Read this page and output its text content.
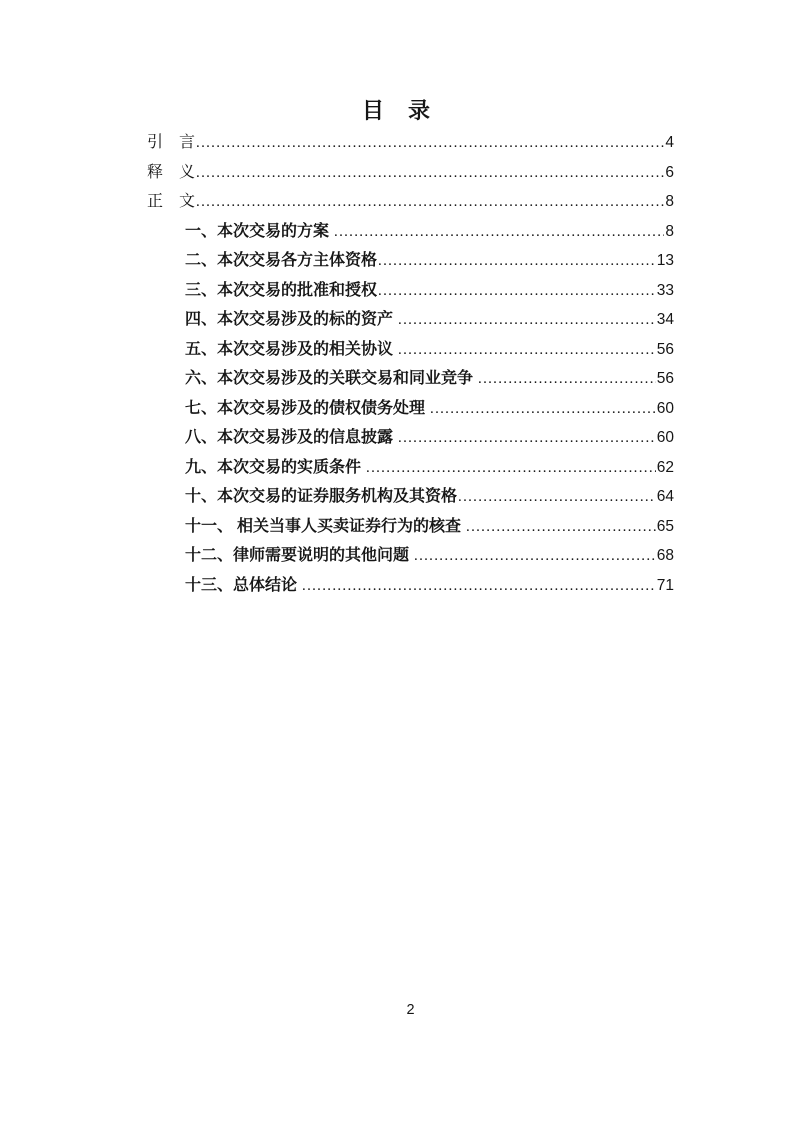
目　录
引　言 .....	4
释　义 .....	6
正　文 .....	8
一、本次交易的方案 .....	8
二、本次交易各方主体资格 .....	13
三、本次交易的批准和授权 .....	33
四、本次交易涉及的标的资产 .....	34
五、本次交易涉及的相关协议 .....	56
六、本次交易涉及的关联交易和同业竞争 .....	56
七、本次交易涉及的债权债务处理 .....	60
八、本次交易涉及的信息披露 .....	60
九、本次交易的实质条件 .....	62
十、本次交易的证券服务机构及其资格 .....	64
十一、 相关当事人买卖证券行为的核查 .....	65
十二、律师需要说明的其他问题 .....	68
十三、总体结论 .....	71
2
